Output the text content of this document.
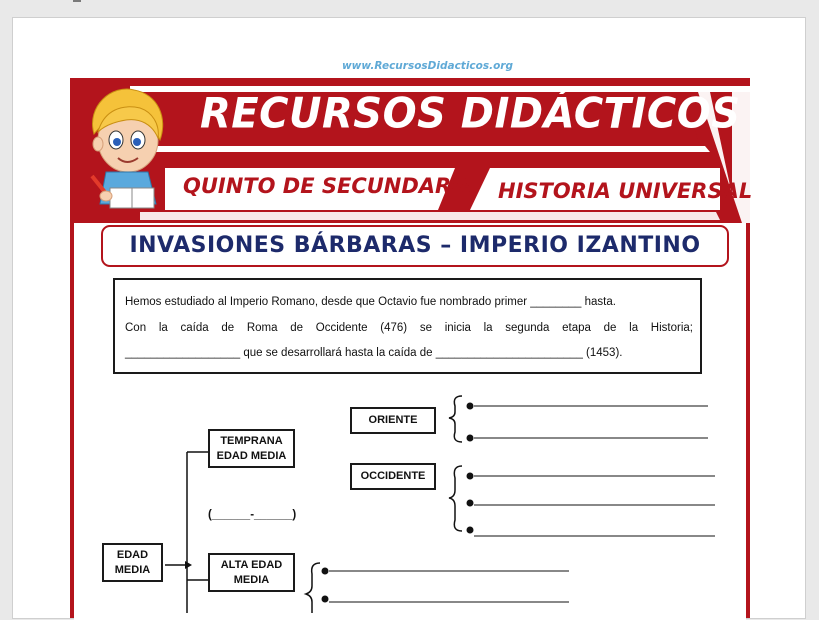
www.RecursosDidacticos.org
RECURSOS DIDÁCTICOS
QUINTO DE SECUNDARIA HISTORIA UNIVERSAL
INVASIONES BÁRBARAS – IMPERIO IZANTINO
Hemos estudiado al Imperio Romano, desde que Octavio fue nombrado primer ________ hasta.
Con la caída de Roma de Occidente (476) se inicia la segunda etapa de la Historia;
__________________ que se desarrollará hasta la caída de _______________________ (1453).
EDAD
MEDIA
TEMPRANA
EDAD MEDIA
(______-______)
ALTA EDAD
MEDIA
ORIENTE
OCCIDENTE
